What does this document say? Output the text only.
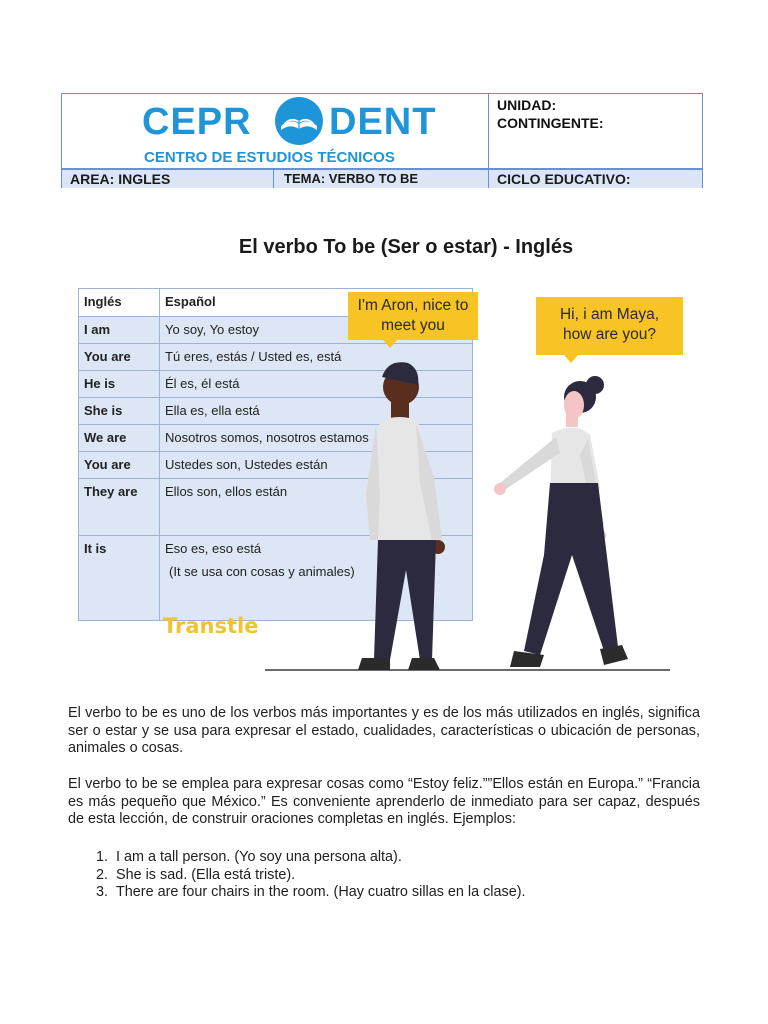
CEPR DENT
CENTRO DE ESTUDIOS TÉCNICOS
UNIDAD:
CONTINGENTE:
AREA: INGLES	TEMA: VERBO TO BE	CICLO EDUCATIVO:
El verbo To be (Ser o estar) - Inglés
Inglés	Español
I am	Yo soy, Yo estoy
You are	Tú eres, estás / Usted es, está
He is	Él es, él está
She is	Ella es, ella está
We are	Nosotros somos, nosotros estamos
You are	Ustedes son, Ustedes están
They are	Ellos son, ellos están
It is	Eso es, eso está
(It se usa con cosas y animales)
Transtle
I'm Aron, nice to
meet you
Hi, i am Maya,
how are you?

El verbo to be es uno de los verbos más importantes y es de los más utilizados en inglés, significa ser o estar y se usa para expresar el estado, cualidades, características o ubicación de personas, animales o cosas.

El verbo to be se emplea para expresar cosas como “Estoy feliz.””Ellos están en Europa.” “Francia es más pequeño que México.” Es conveniente aprenderlo de inmediato para ser capaz, después de esta lección, de construir oraciones completas en inglés. Ejemplos:

1. I am a tall person. (Yo soy una persona alta).
2. She is sad. (Ella está triste).
3. There are four chairs in the room. (Hay cuatro sillas en la clase).
